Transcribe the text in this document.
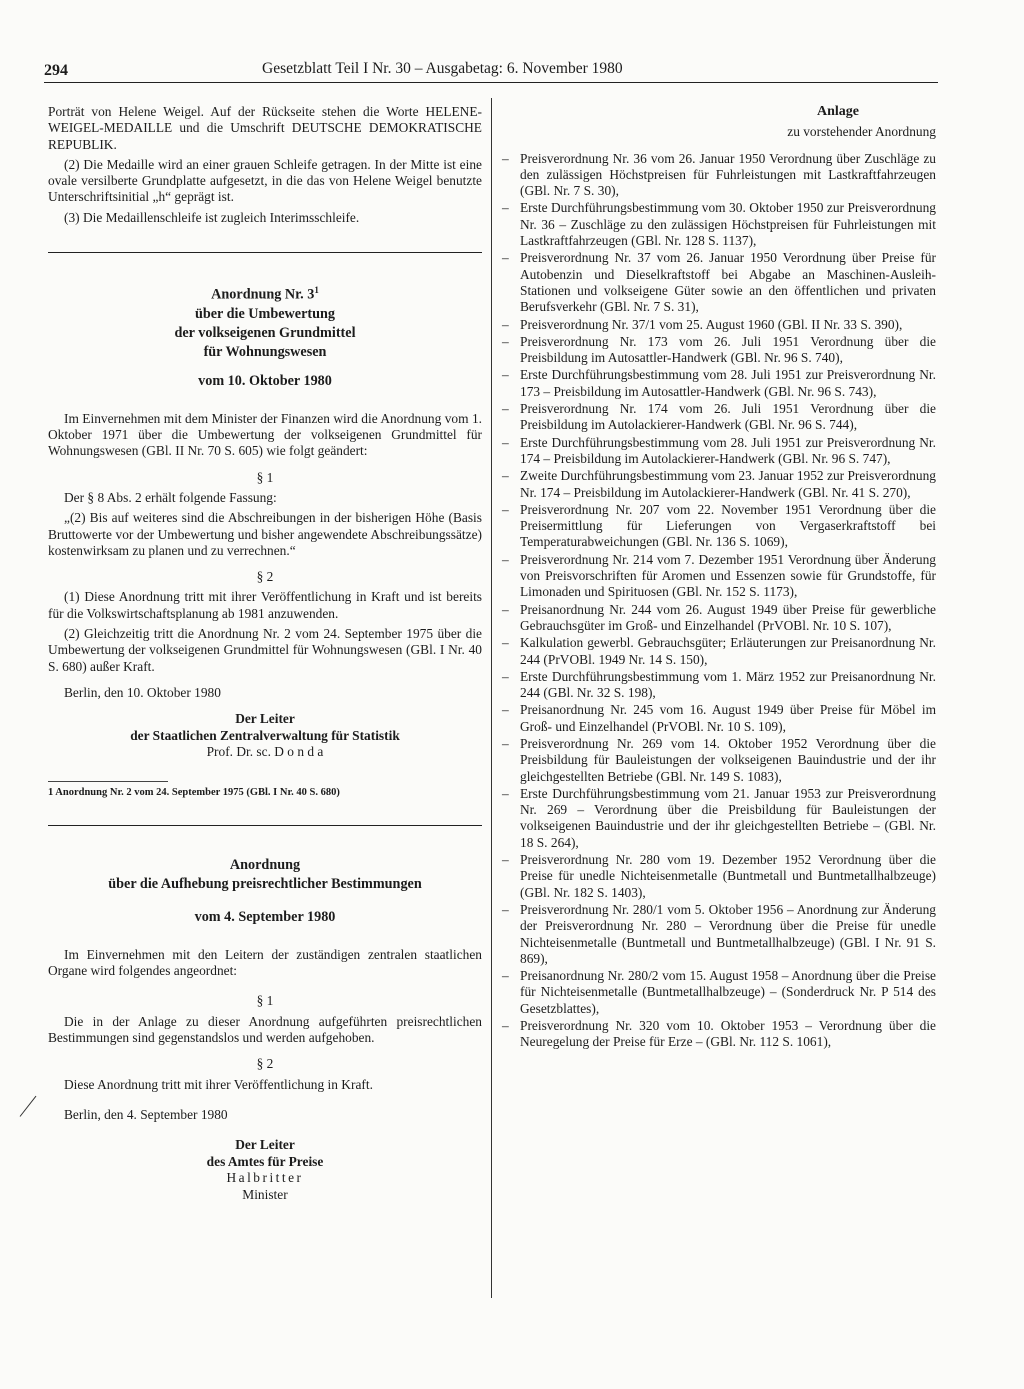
294	Gesetzblatt Teil I Nr. 30 – Ausgabetag: 6. November 1980

Porträt von Helene Weigel. Auf der Rückseite stehen die Worte HELENE-WEIGEL-MEDAILLE und die Umschrift DEUTSCHE DEMOKRATISCHE REPUBLIK.

(2) Die Medaille wird an einer grauen Schleife getragen. In der Mitte ist eine ovale versilberte Grundplatte aufgesetzt, in die das von Helene Weigel benutzte Unterschriftsinitial „h“ geprägt ist.

(3) Die Medaillenschleife ist zugleich Interimsschleife.

Anordnung Nr. $3^1$
über die Umbewertung
der volkseigenen Grundmittel
für Wohnungswesen

vom 10. Oktober 1980

Im Einvernehmen mit dem Minister der Finanzen wird die Anordnung vom 1. Oktober 1971 über die Umbewertung der volkseigenen Grundmittel für Wohnungswesen (GBl. II Nr. 70 S. 605) wie folgt geändert:

§ 1

Der § 8 Abs. 2 erhält folgende Fassung:

„(2) Bis auf weiteres sind die Abschreibungen in der bisherigen Höhe (Basis Bruttowerte vor der Umbewertung und bisher angewendete Abschreibungssätze) kostenwirksam zu planen und zu verrechnen.“

§ 2

(1) Diese Anordnung tritt mit ihrer Veröffentlichung in Kraft und ist bereits für die Volkswirtschaftsplanung ab 1981 anzuwenden.

(2) Gleichzeitig tritt die Anordnung Nr. 2 vom 24. September 1975 über die Umbewertung der volkseigenen Grundmittel für Wohnungswesen (GBl. I Nr. 40 S. 680) außer Kraft.

Berlin, den 10. Oktober 1980

Der Leiter
der Staatlichen Zentralverwaltung für Statistik

Prof. Dr. sc. D o n d a

1 Anordnung Nr. 2 vom 24. September 1975 (GBl. I Nr. 40 S. 680)

Anordnung
über die Aufhebung preisrechtlicher Bestimmungen

vom 4. September 1980

Im Einvernehmen mit den Leitern der zuständigen zentralen staatlichen Organe wird folgendes angeordnet:

§ 1

Die in der Anlage zu dieser Anordnung aufgeführten preisrechtlichen Bestimmungen sind gegenstandslos und werden aufgehoben.

§ 2

Diese Anordnung tritt mit ihrer Veröffentlichung in Kraft.

Berlin, den 4. September 1980

Der Leiter
des Amtes für Preise

Halbritter

Minister

Anlage

zu vorstehender Anordnung

– Preisverordnung Nr. 36 vom 26. Januar 1950 Verordnung über Zuschläge zu den zulässigen Höchstpreisen für Fuhrleistungen mit Lastkraftfahrzeugen (GBl. Nr. 7 S. 30),
– Erste Durchführungsbestimmung vom 30. Oktober 1950 zur Preisverordnung Nr. 36 – Zuschläge zu den zulässigen Höchstpreisen für Fuhrleistungen mit Lastkraftfahrzeugen (GBl. Nr. 128 S. 1137),
– Preisverordnung Nr. 37 vom 26. Januar 1950 Verordnung über Preise für Autobenzin und Dieselkraftstoff bei Abgabe an Maschinen-Ausleih-Stationen und volkseigene Güter sowie an den öffentlichen und privaten Berufsverkehr (GBl. Nr. 7 S. 31),
– Preisverordnung Nr. 37/1 vom 25. August 1960 (GBl. II Nr. 33 S. 390),
– Preisverordnung Nr. 173 vom 26. Juli 1951 Verordnung über die Preisbildung im Autosattler-Handwerk (GBl. Nr. 96 S. 740),
– Erste Durchführungsbestimmung vom 28. Juli 1951 zur Preisverordnung Nr. 173 – Preisbildung im Autosattler-Handwerk (GBl. Nr. 96 S. 743),
– Preisverordnung Nr. 174 vom 26. Juli 1951 Verordnung über die Preisbildung im Autolackierer-Handwerk (GBl. Nr. 96 S. 744),
– Erste Durchführungsbestimmung vom 28. Juli 1951 zur Preisverordnung Nr. 174 – Preisbildung im Autolackierer-Handwerk (GBl. Nr. 96 S. 747),
– Zweite Durchführungsbestimmung vom 23. Januar 1952 zur Preisverordnung Nr. 174 – Preisbildung im Autolackierer-Handwerk (GBl. Nr. 41 S. 270),
– Preisverordnung Nr. 207 vom 22. November 1951 Verordnung über die Preisermittlung für Lieferungen von Vergaserkraftstoff bei Temperaturabweichungen (GBl. Nr. 136 S. 1069),
– Preisverordnung Nr. 214 vom 7. Dezember 1951 Verordnung über Änderung von Preisvorschriften für Aromen und Essenzen sowie für Grundstoffe, für Limonaden und Spirituosen (GBl. Nr. 152 S. 1173),
– Preisanordnung Nr. 244 vom 26. August 1949 über Preise für gewerbliche Gebrauchsgüter im Groß- und Einzelhandel (PrVOBl. Nr. 10 S. 107),
– Kalkulation gewerbl. Gebrauchsgüter; Erläuterungen zur Preisanordnung Nr. 244 (PrVOBl. 1949 Nr. 14 S. 150),
– Erste Durchführungsbestimmung vom 1. März 1952 zur Preisanordnung Nr. 244 (GBl. Nr. 32 S. 198),
– Preisanordnung Nr. 245 vom 16. August 1949 über Preise für Möbel im Groß- und Einzelhandel (PrVOBl. Nr. 10 S. 109),
– Preisverordnung Nr. 269 vom 14. Oktober 1952 Verordnung über die Preisbildung für Bauleistungen der volkseigenen Bauindustrie und der ihr gleichgestellten Betriebe (GBl. Nr. 149 S. 1083),
– Erste Durchführungsbestimmung vom 21. Januar 1953 zur Preisverordnung Nr. 269 – Verordnung über die Preisbildung für Bauleistungen der volkseigenen Bauindustrie und der ihr gleichgestellten Betriebe – (GBl. Nr. 18 S. 264),
– Preisverordnung Nr. 280 vom 19. Dezember 1952 Verordnung über die Preise für unedle Nichteisenmetalle (Buntmetall und Buntmetallhalbzeuge) (GBl. Nr. 182 S. 1403),
– Preisverordnung Nr. 280/1 vom 5. Oktober 1956 – Anordnung zur Änderung der Preisverordnung Nr. 280 – Verordnung über die Preise für unedle Nichteisenmetalle (Buntmetall und Buntmetallhalbzeuge) (GBl. I Nr. 91 S. 869),
– Preisanordnung Nr. 280/2 vom 15. August 1958 – Anordnung über die Preise für Nichteisenmetalle (Buntmetallhalbzeuge) – (Sonderdruck Nr. P 514 des Gesetzblattes),
– Preisverordnung Nr. 320 vom 10. Oktober 1953 – Verordnung über die Neuregelung der Preise für Erze – (GBl. Nr. 112 S. 1061),
